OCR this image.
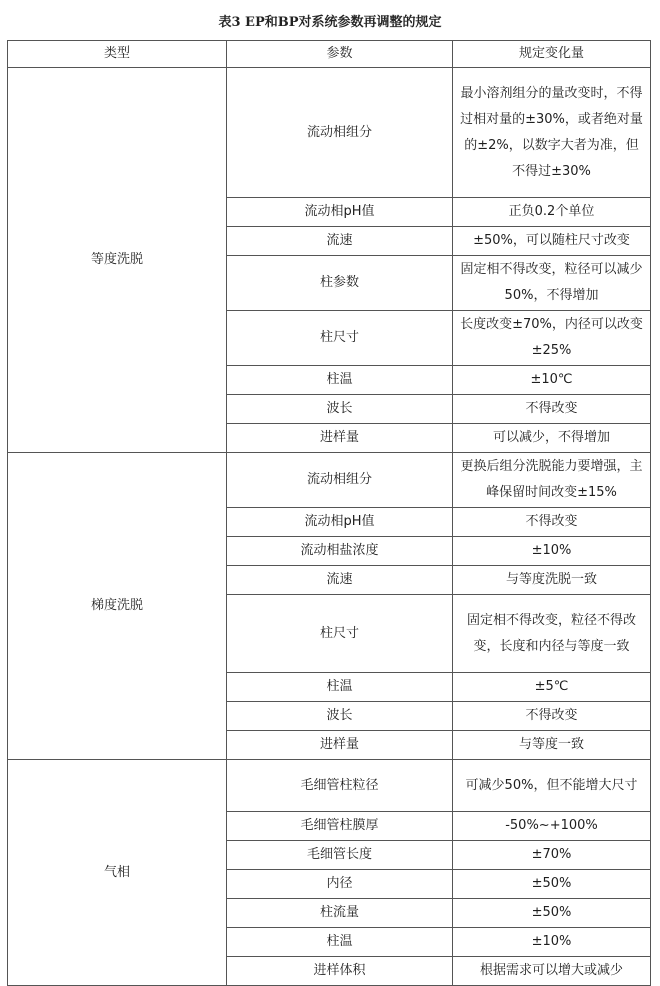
表3 EP和BP对系统参数再调整的规定
类型	参数	规定变化量
等度洗脱	流动相组分	最小溶剂组分的量改变时，不得过相对量的±30%，或者绝对量的±2%，以数字大者为准，但不得过±30%
	流动相pH值	正负0.2个单位
	流速	±50%，可以随柱尺寸改变
	柱参数	固定相不得改变，粒径可以减少50%，不得增加
	柱尺寸	长度改变±70%，内径可以改变±25%
	柱温	±10℃
	波长	不得改变
	进样量	可以减少，不得增加
梯度洗脱	流动相组分	更换后组分洗脱能力要增强，主峰保留时间改变±15%
	流动相pH值	不得改变
	流动相盐浓度	±10%
	流速	与等度洗脱一致
	柱尺寸	固定相不得改变，粒径不得改变，长度和内径与等度一致
	柱温	±5℃
	波长	不得改变
	进样量	与等度一致
气相	毛细管柱粒径	可减少50%，但不能增大尺寸
	毛细管柱膜厚	-50%~+100%
	毛细管长度	±70%
	内径	±50%
	柱流量	±50%
	柱温	±10%
	进样体积	根据需求可以增大或减少
